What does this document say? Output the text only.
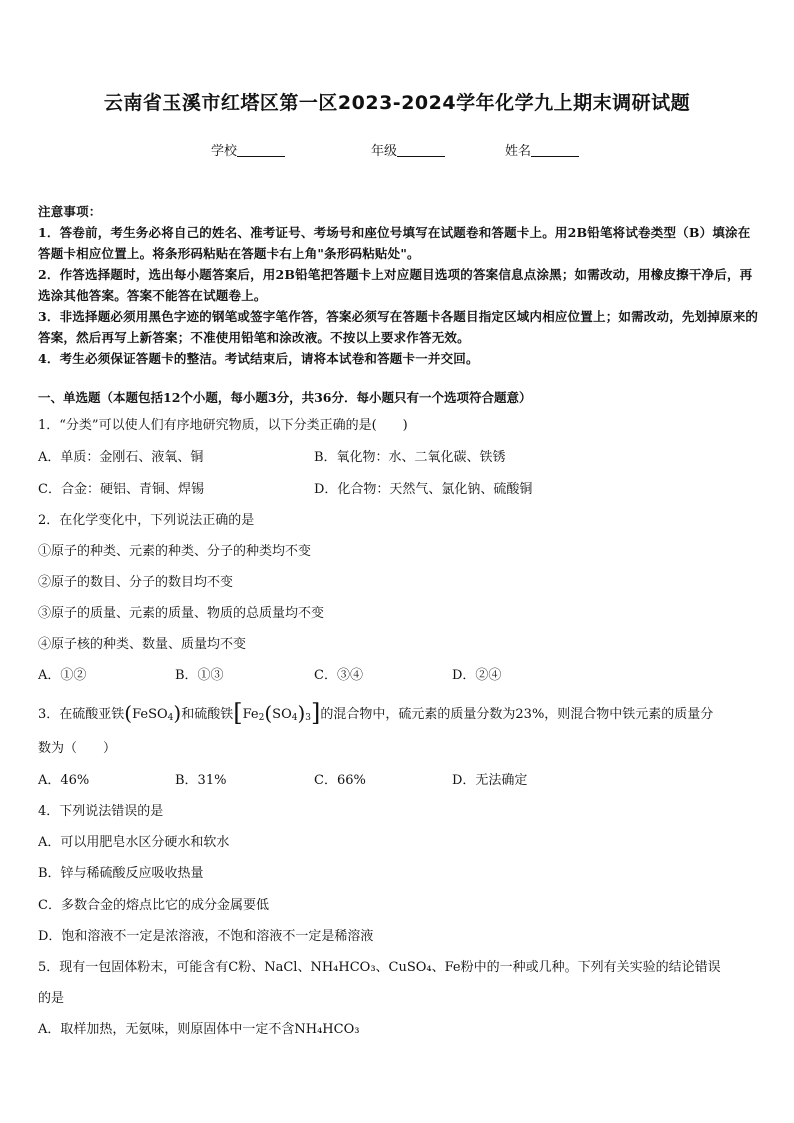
云南省玉溪市红塔区第一区2023-2024学年化学九上期末调研试题
学校	年级	姓名
注意事项：
1．答卷前，考生务必将自己的姓名、准考证号、考场号和座位号填写在试题卷和答题卡上。用2B铅笔将试卷类型（B）填涂在答题卡相应位置上。将条形码粘贴在答题卡右上角"条形码粘贴处"。
2．作答选择题时，选出每小题答案后，用2B铅笔把答题卡上对应题目选项的答案信息点涂黑；如需改动，用橡皮擦干净后，再选涂其他答案。答案不能答在试题卷上。
3．非选择题必须用黑色字迹的钢笔或签字笔作答，答案必须写在答题卡各题目指定区域内相应位置上；如需改动，先划掉原来的答案，然后再写上新答案；不准使用铅笔和涂改液。不按以上要求作答无效。
4．考生必须保证答题卡的整洁。考试结束后，请将本试卷和答题卡一并交回。
一、单选题（本题包括12个小题，每小题3分，共36分．每小题只有一个选项符合题意）
1．“分类”可以使人们有序地研究物质，以下分类正确的是(　　)
A．单质：金刚石、液氧、铜	B．氧化物：水、二氧化碳、铁锈
C．合金：硬铝、青铜、焊锡	D．化合物：天然气、氯化钠、硫酸铜
2．在化学变化中，下列说法正确的是
①原子的种类、元素的种类、分子的种类均不变
②原子的数目、分子的数目均不变
③原子的质量、元素的质量、物质的总质量均不变
④原子核的种类、数量、质量均不变
A．①②	B．①③	C．③④	D．②④
3．在硫酸亚铁(FeSO$_4$)和硫酸铁$[Fe_2(SO_4)_3]$的混合物中，硫元素的质量分数为23%，则混合物中铁元素的质量分
数为（　　）
A．46%	B．31%	C．66%	D．无法确定
4．下列说法错误的是
A．可以用肥皂水区分硬水和软水
B．锌与稀硫酸反应吸收热量
C．多数合金的熔点比它的成分金属要低
D．饱和溶液不一定是浓溶液，不饱和溶液不一定是稀溶液
5．现有一包固体粉末，可能含有C粉、NaCl、NH₄HCO₃、CuSO₄、Fe粉中的一种或几种。下列有关实验的结论错误
的是
A．取样加热，无氨味，则原固体中一定不含NH₄HCO₃
